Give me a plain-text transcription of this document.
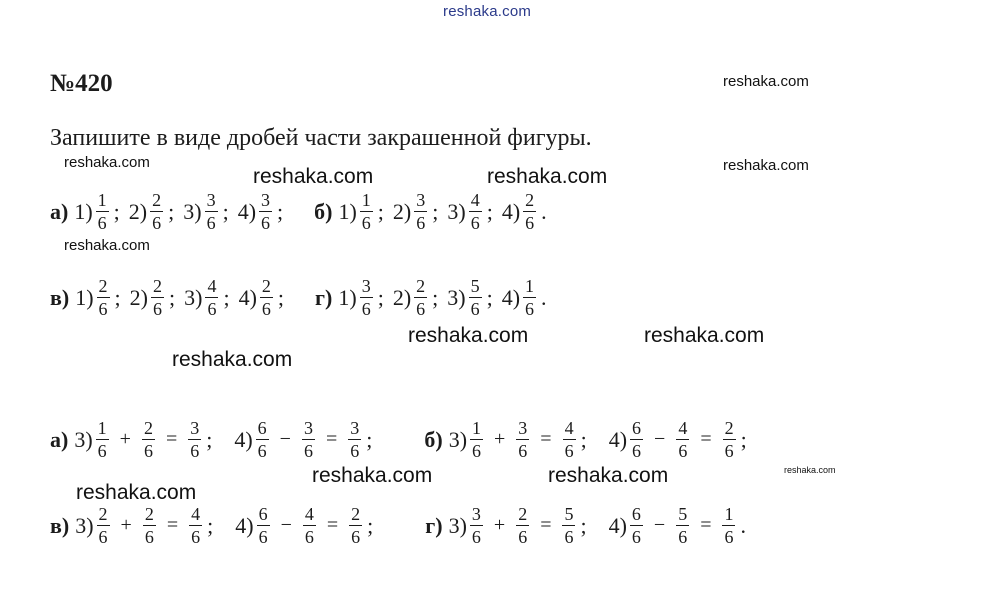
reshaka.com
reshaka.com
reshaka.com	reshaka.com
reshaka.com	reshaka.com
reshaka.com
reshaka.com	reshaka.com
reshaka.com
reshaka.com	reshaka.com	reshaka.com
reshaka.com
№420
Запишите в виде дробей части закрашенной фигуры.
а) $1) \frac{1}{6}$ ; $2) \frac{2}{6}$ ; $3) \frac{3}{6}$ ; $4) \frac{3}{6}$ ; б) $1) \frac{1}{6}$ ; $2) \frac{3}{6}$ ; $3) \frac{4}{6}$ ; $4) \frac{2}{6}$ .
в) $1) \frac{2}{6}$ ; $2) \frac{2}{6}$ ; $3) \frac{4}{6}$ ; $4) \frac{2}{6}$ ; г) $1) \frac{3}{6}$ ; $2) \frac{2}{6}$ ; $3) \frac{5}{6}$ ; $4) \frac{1}{6}$ .
а) $3) \frac{1}{6} + \frac{2}{6} = \frac{3}{6}$ ; $4) \frac{6}{6} - \frac{3}{6} = \frac{3}{6}$ ; б) $3) \frac{1}{6} + \frac{3}{6} = \frac{4}{6}$ ; $4) \frac{6}{6} - \frac{4}{6} = \frac{2}{6}$ ;
в) $3) \frac{2}{6} + \frac{2}{6} = \frac{4}{6}$ ; $4) \frac{6}{6} - \frac{4}{6} = \frac{2}{6}$ ; г) $3) \frac{3}{6} + \frac{2}{6} = \frac{5}{6}$ ; $4) \frac{6}{6} - \frac{5}{6} = \frac{1}{6}$ .
